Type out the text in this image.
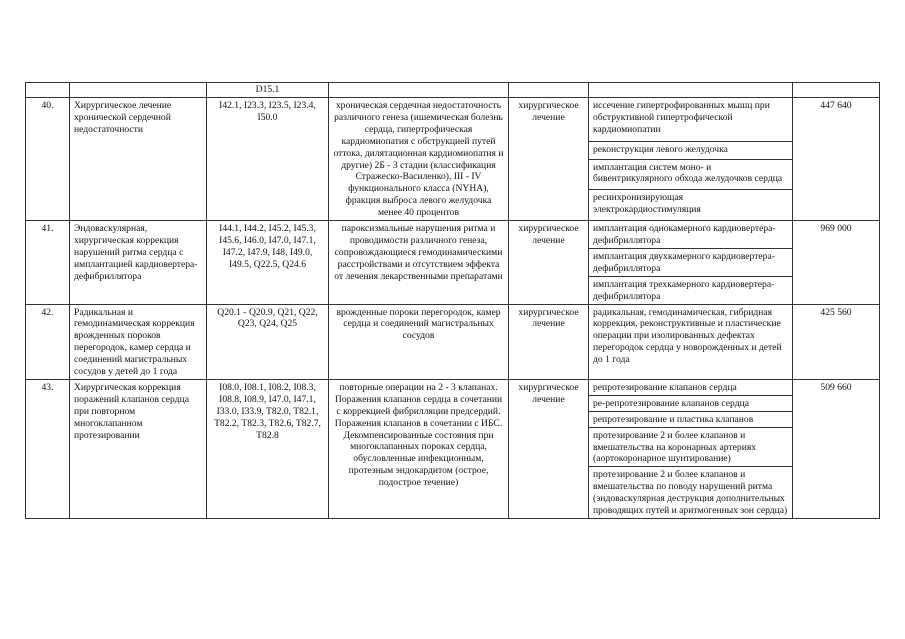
		D15.1				
40.	Хирургическое лечение хронической сердечной недостаточности	I42.1, I23.3, I23.5, I23.4, I50.0	хроническая сердечная недостаточность различного генеза (ишемическая болезнь сердца, гипертрофическая кардиомиопатия с обструкцией путей оттока, дилятационная кардиомиопатия и другие) 2Б - 3 стадии (классификация Стражеско-Василенко), III - IV функционального класса (NYHA), фракция выброса левого желудочка менее 40 процентов	хирургическое лечение	иссечение гипертрофированных мышц при обструктивной гипертрофической кардиомиопатии	447 640
					реконструкция левого желудочка	
					имплантация систем моно- и бивентрикулярного обхода желудочков сердца	
					ресинхронизирующая электрокардиостимуляция	
41.	Эндоваскулярная, хирургическая коррекция нарушений ритма сердца с имплантацией кардиовертера-дефибриллятора	I44.1, I44.2, I45.2, I45.3, I45.6, I46.0, I47.0, I47.1, I47.2, I47.9, I48, I49.0, I49.5, Q22.5, Q24.6	пароксизмальные нарушения ритма и проводимости различного генеза, сопровождающиеся гемодинамическими расстройствами и отсутствием эффекта от лечения лекарственными препаратами	хирургическое лечение	имплантация однокамерного кардиовертера-дефибриллятора	969 000
					имплантация двухкамерного кардиовертера-дефибриллятора	
					имплантация трехкамерного кардиовертера-дефибриллятора	
42.	Радикальная и гемодинамическая коррекция врожденных пороков перегородок, камер сердца и соединений магистральных сосудов у детей до 1 года	Q20.1 - Q20.9, Q21, Q22, Q23, Q24, Q25	врожденные пороки перегородок, камер сердца и соединений магистральных сосудов	хирургическое лечение	радикальная, гемодинамическая, гибридная коррекция, реконструктивные и пластические операции при изолированных дефектах перегородок сердца у новорожденных и детей до 1 года	425 560
43.	Хирургическая коррекция поражений клапанов сердца при повторном многоклапанном протезировании	I08.0, I08.1, I08.2, I08.3, I08.8, I08.9, I47.0, I47.1, I33.0, I33.9, T82.0, T82.1, T82.2, T82.3, T82.6, T82.7, T82.8	повторные операции на 2 - 3 клапанах. Поражения клапанов сердца в сочетании с коррекцией фибрилляции предсердий. Поражения клапанов в сочетании с ИБС. Декомпенсированные состояния при многоклапанных пороках сердца, обусловленные инфекционным, протезным эндокардитом (острое, подострое течение)	хирургическое лечение	репротезирование клапанов сердца	509 660
					ре-репротезирование клапанов сердца	
					репротезирование и пластика клапанов	
					протезирование 2 и более клапанов и вмешательства на коронарных артериях (аортокоронарное шунтирование)	
					протезирование 2 и более клапанов и вмешательства по поводу нарушений ритма (эндоваскулярная деструкция дополнительных проводящих путей и аритмогенных зон сердца)	
